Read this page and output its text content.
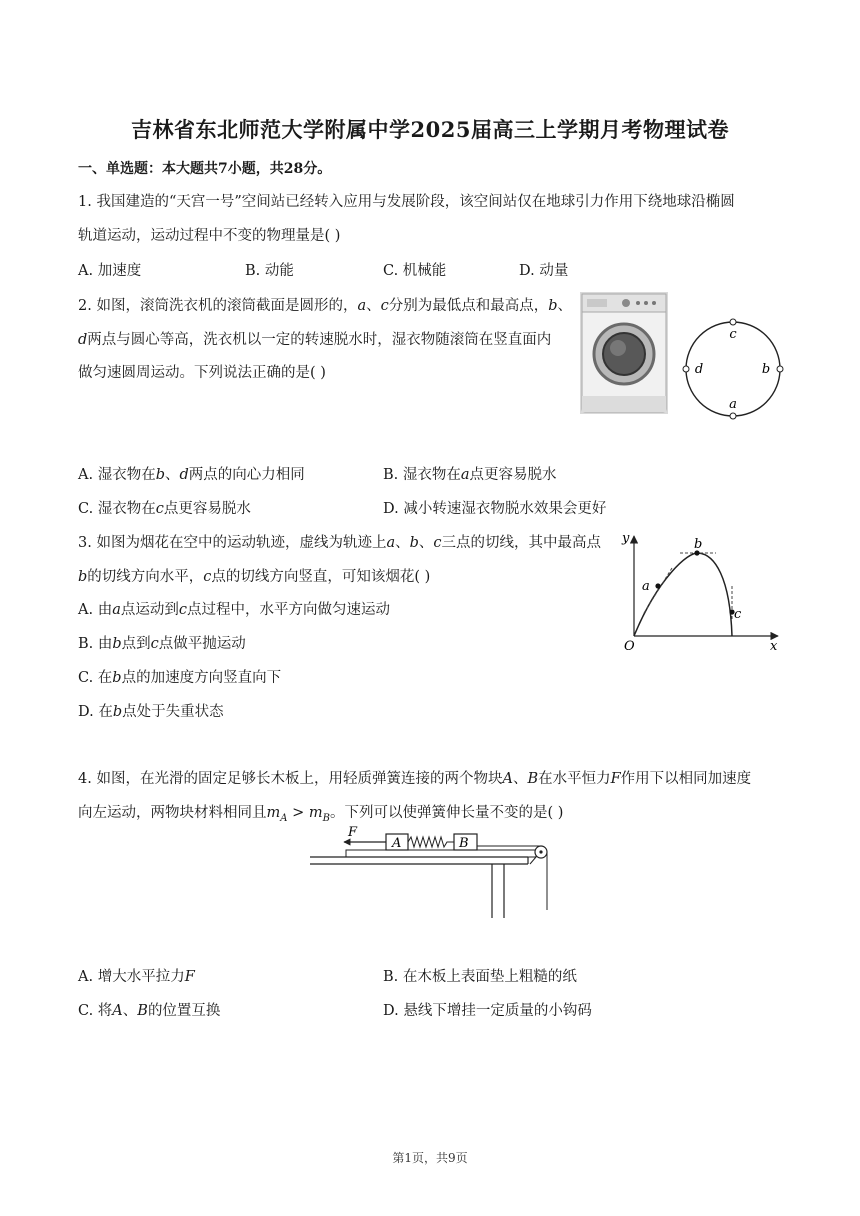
吉林省东北师范大学附属中学2025届高三上学期月考物理试卷
一、单选题：本大题共7小题，共28分。
1. 我国建造的“天宫一号”空间站已经转入应用与发展阶段，该空间站仅在地球引力作用下绕地球沿椭圆
轨道运动，运动过程中不变的物理量是( )
A. 加速度	B. 动能	C. 机械能	D. 动量
2. 如图，滚筒洗衣机的滚筒截面是圆形的，a、c分别为最低点和最高点，b、
d两点与圆心等高，洗衣机以一定的转速脱水时，湿衣物随滚筒在竖直面内
做匀速圆周运动。下列说法正确的是( )
c
d	b
a
A. 湿衣物在b、d两点的向心力相同	B. 湿衣物在a点更容易脱水
C. 湿衣物在c点更容易脱水	D. 减小转速湿衣物脱水效果会更好
3. 如图为烟花在空中的运动轨迹，虚线为轨迹上a、b、c三点的切线，其中最高点
b的切线方向水平，c点的切线方向竖直，可知该烟花( )
A. 由a点运动到c点过程中，水平方向做匀速运动
B. 由b点到c点做平抛运动
C. 在b点的加速度方向竖直向下
D. 在b点处于失重状态
y
x
O
a
b
c
4. 如图，在光滑的固定足够长木板上，用轻质弹簧连接的两个物块A、B在水平恒力F作用下以相同加速度
向左运动，两物块材料相同且$m_A > m_B$。下列可以使弹簧伸长量不变的是( )
F
A	B
A. 增大水平拉力F	B. 在木板上表面垫上粗糙的纸
C. 将A、B的位置互换	D. 悬线下增挂一定质量的小钩码
第1页，共9页
